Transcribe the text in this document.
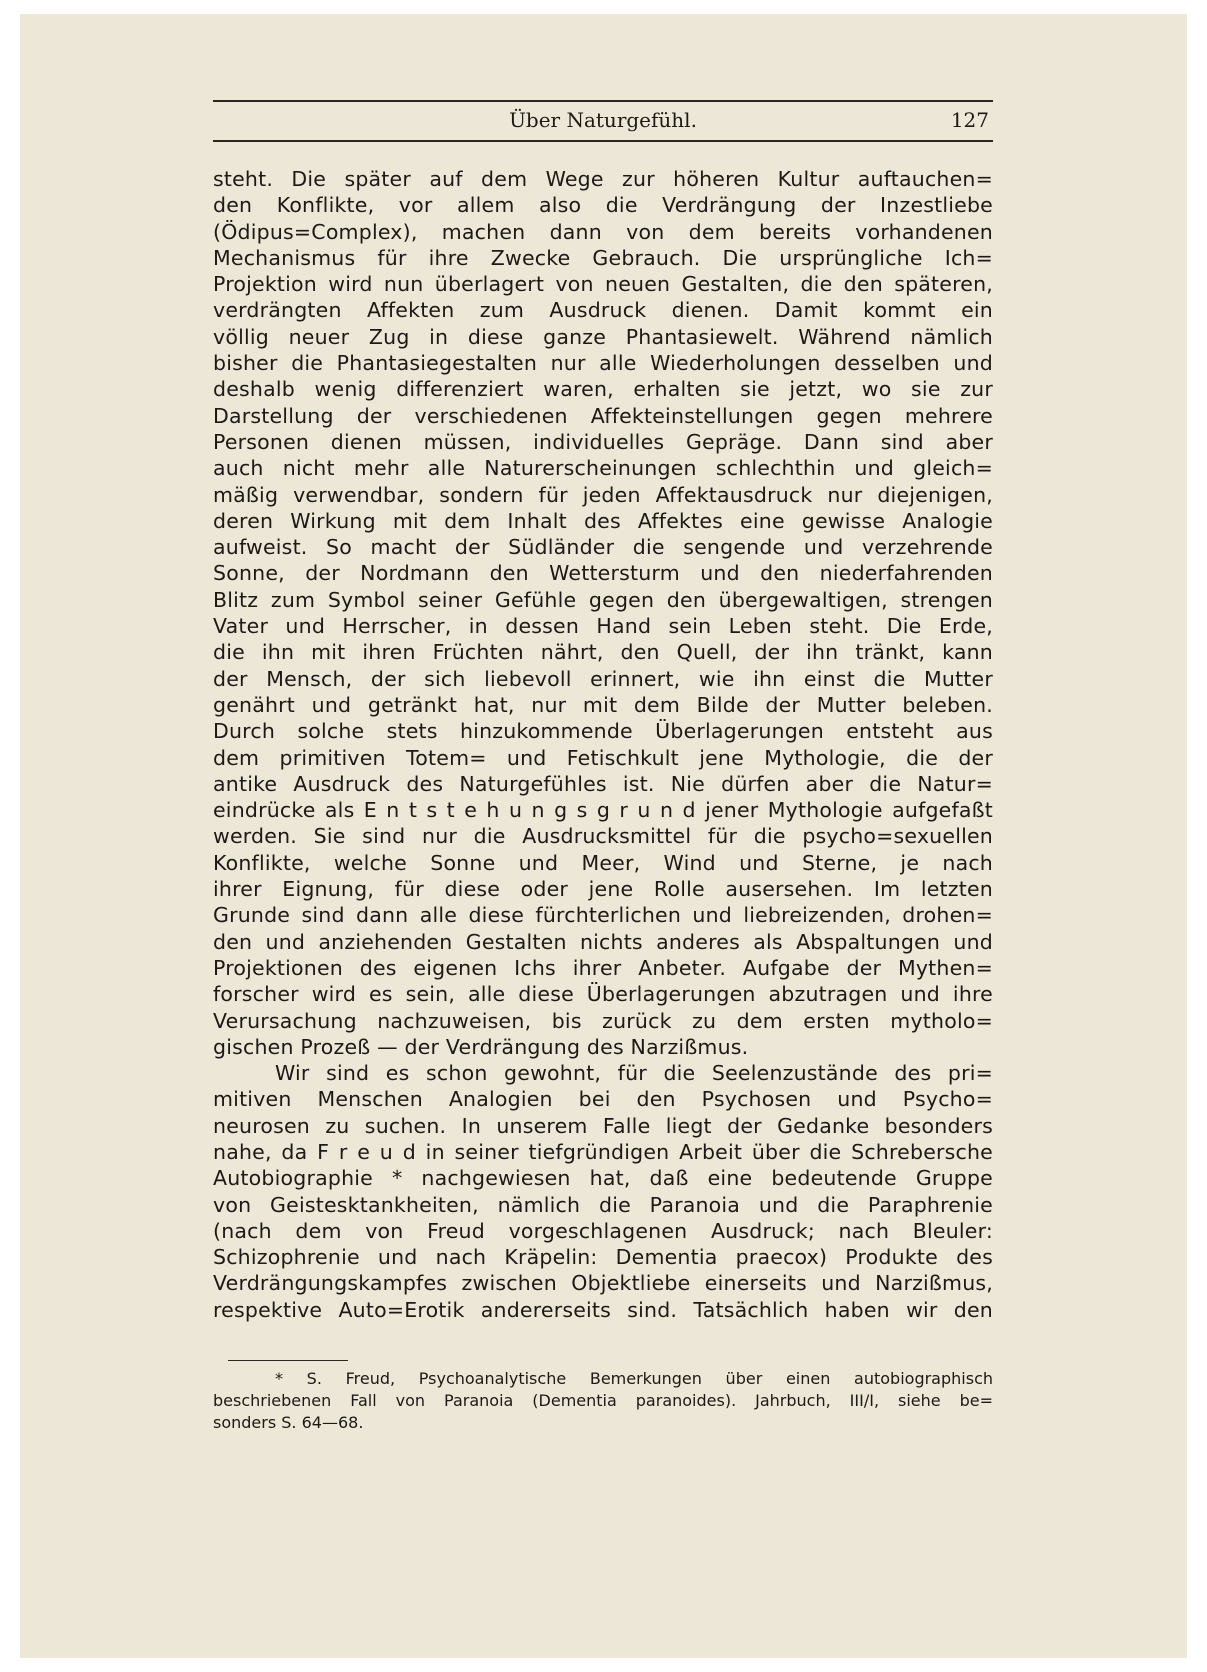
Über Naturgefühl.	127
steht. Die später auf dem Wege zur höheren Kultur auftauchen=
den Konflikte, vor allem also die Verdrängung der Inzestliebe
(Ödipus=Complex), machen dann von dem bereits vorhandenen
Mechanismus für ihre Zwecke Gebrauch. Die ursprüngliche Ich=
Projektion wird nun überlagert von neuen Gestalten, die den späteren,
verdrängten Affekten zum Ausdruck dienen. Damit kommt ein
völlig neuer Zug in diese ganze Phantasiewelt. Während nämlich
bisher die Phantasiegestalten nur alle Wiederholungen desselben und
deshalb wenig differenziert waren, erhalten sie jetzt, wo sie zur
Darstellung der verschiedenen Affekteinstellungen gegen mehrere
Personen dienen müssen, individuelles Gepräge. Dann sind aber
auch nicht mehr alle Naturerscheinungen schlechthin und gleich=
mäßig verwendbar, sondern für jeden Affektausdruck nur diejenigen,
deren Wirkung mit dem Inhalt des Affektes eine gewisse Analogie
aufweist. So macht der Südländer die sengende und verzehrende
Sonne, der Nordmann den Wettersturm und den niederfahrenden
Blitz zum Symbol seiner Gefühle gegen den übergewaltigen, strengen
Vater und Herrscher, in dessen Hand sein Leben steht. Die Erde,
die ihn mit ihren Früchten nährt, den Quell, der ihn tränkt, kann
der Mensch, der sich liebevoll erinnert, wie ihn einst die Mutter
genährt und getränkt hat, nur mit dem Bilde der Mutter beleben.
Durch solche stets hinzukommende Überlagerungen entsteht aus
dem primitiven Totem= und Fetischkult jene Mythologie, die der
antike Ausdruck des Naturgefühles ist. Nie dürfen aber die Natur=
eindrücke als E n t s t e h u n g s g r u n d jener Mythologie aufgefaßt
werden. Sie sind nur die Ausdrucksmittel für die psycho=sexuellen
Konflikte, welche Sonne und Meer, Wind und Sterne, je nach
ihrer Eignung, für diese oder jene Rolle ausersehen. Im letzten
Grunde sind dann alle diese fürchterlichen und liebreizenden, drohen=
den und anziehenden Gestalten nichts anderes als Abspaltungen und
Projektionen des eigenen Ichs ihrer Anbeter. Aufgabe der Mythen=
forscher wird es sein, alle diese Überlagerungen abzutragen und ihre
Verursachung nachzuweisen, bis zurück zu dem ersten mytholo=
gischen Prozeß — der Verdrängung des Narzißmus.
Wir sind es schon gewohnt, für die Seelenzustände des pri=
mitiven Menschen Analogien bei den Psychosen und Psycho=
neurosen zu suchen. In unserem Falle liegt der Gedanke besonders
nahe, da F r e u d in seiner tiefgründigen Arbeit über die Schrebersche
Autobiographie * nachgewiesen hat, daß eine bedeutende Gruppe
von Geistesktankheiten, nämlich die Paranoia und die Paraphrenie
(nach dem von Freud vorgeschlagenen Ausdruck; nach Bleuler:
Schizophrenie und nach Kräpelin: Dementia praecox) Produkte des
Verdrängungskampfes zwischen Objektliebe einerseits und Narzißmus,
respektive Auto=Erotik andererseits sind. Tatsächlich haben wir den
* S. Freud, Psychoanalytische Bemerkungen über einen autobiographisch
beschriebenen Fall von Paranoia (Dementia paranoides). Jahrbuch, III/I, siehe be=
sonders S. 64—68.
